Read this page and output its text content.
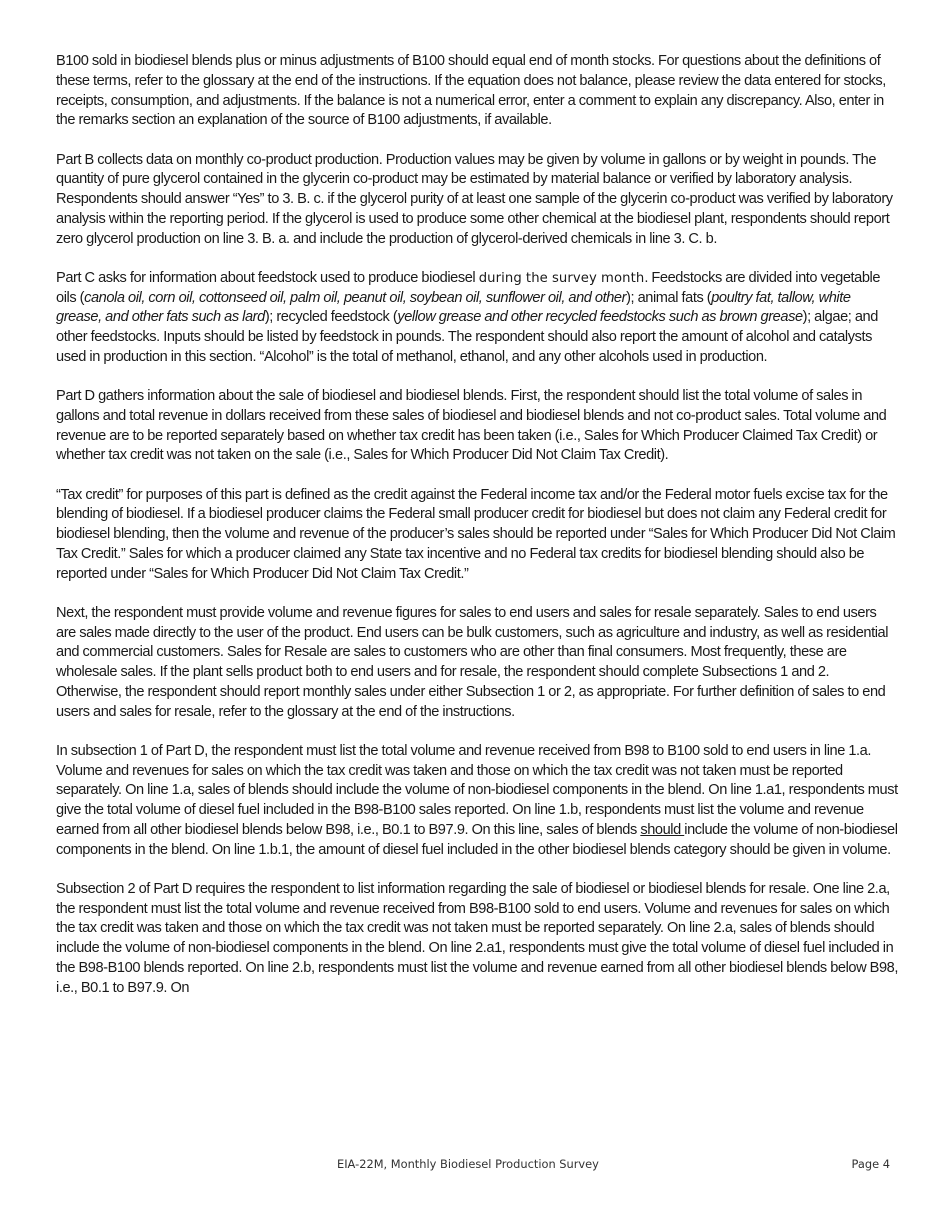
B100 sold in biodiesel blends plus or minus adjustments of B100 should equal end of month stocks. For questions about the definitions of these terms, refer to the glossary at the end of the instructions. If the equation does not balance, please review the data entered for stocks, receipts, consumption, and adjustments. If the balance is not a numerical error, enter a comment to explain any discrepancy. Also, enter in the remarks section an explanation of the source of B100 adjustments, if available.

Part B collects data on monthly co-product production. Production values may be given by volume in gallons or by weight in pounds. The quantity of pure glycerol contained in the glycerin co-product may be estimated by material balance or verified by laboratory analysis. Respondents should answer “Yes” to 3. B. c. if the glycerol purity of at least one sample of the glycerin co-product was verified by laboratory analysis within the reporting period. If the glycerol is used to produce some other chemical at the biodiesel plant, respondents should report zero glycerol production on line 3. B. a. and include the production of glycerol-derived chemicals in line 3. C. b.

Part C asks for information about feedstock used to produce biodiesel during the survey month. Feedstocks are divided into vegetable oils (canola oil, corn oil, cottonseed oil, palm oil, peanut oil, soybean oil, sunflower oil, and other); animal fats (poultry fat, tallow, white grease, and other fats such as lard); recycled feedstock (yellow grease and other recycled feedstocks such as brown grease); algae; and other feedstocks. Inputs should be listed by feedstock in pounds. The respondent should also report the amount of alcohol and catalysts used in production in this section. “Alcohol” is the total of methanol, ethanol, and any other alcohols used in production.

Part D gathers information about the sale of biodiesel and biodiesel blends. First, the respondent should list the total volume of sales in gallons and total revenue in dollars received from these sales of biodiesel and biodiesel blends and not co-product sales. Total volume and revenue are to be reported separately based on whether tax credit has been taken (i.e., Sales for Which Producer Claimed Tax Credit) or whether tax credit was not taken on the sale (i.e., Sales for Which Producer Did Not Claim Tax Credit).

“Tax credit” for purposes of this part is defined as the credit against the Federal income tax and/or the Federal motor fuels excise tax for the blending of biodiesel. If a biodiesel producer claims the Federal small producer credit for biodiesel but does not claim any Federal credit for biodiesel blending, then the volume and revenue of the producer’s sales should be reported under “Sales for Which Producer Did Not Claim Tax Credit.” Sales for which a producer claimed any State tax incentive and no Federal tax credits for biodiesel blending should also be reported under “Sales for Which Producer Did Not Claim Tax Credit.”

Next, the respondent must provide volume and revenue figures for sales to end users and sales for resale separately. Sales to end users are sales made directly to the user of the product. End users can be bulk customers, such as agriculture and industry, as well as residential and commercial customers. Sales for Resale are sales to customers who are other than final consumers. Most frequently, these are wholesale sales. If the plant sells product both to end users and for resale, the respondent should complete Subsections 1 and 2. Otherwise, the respondent should report monthly sales under either Subsection 1 or 2, as appropriate. For further definition of sales to end users and sales for resale, refer to the glossary at the end of the instructions.

In subsection 1 of Part D, the respondent must list the total volume and revenue received from B98 to B100 sold to end users in line 1.a. Volume and revenues for sales on which the tax credit was taken and those on which the tax credit was not taken must be reported separately. On line 1.a, sales of blends should include the volume of non-biodiesel components in the blend. On line 1.a1, respondents must give the total volume of diesel fuel included in the B98-B100 sales reported. On line 1.b, respondents must list the volume and revenue earned from all other biodiesel blends below B98, i.e., B0.1 to B97.9. On this line, sales of blends should include the volume of non-biodiesel components in the blend. On line 1.b.1, the amount of diesel fuel included in the other biodiesel blends category should be given in volume.

Subsection 2 of Part D requires the respondent to list information regarding the sale of biodiesel or biodiesel blends for resale. One line 2.a, the respondent must list the total volume and revenue received from B98-B100 sold to end users. Volume and revenues for sales on which the tax credit was taken and those on which the tax credit was not taken must be reported separately. On line 2.a, sales of blends should include the volume of non-biodiesel components in the blend. On line 2.a1, respondents must give the total volume of diesel fuel included in the B98-B100 blends reported. On line 2.b, respondents must list the volume and revenue earned from all other biodiesel blends below B98, i.e., B0.1 to B97.9. On

EIA-22M, Monthly Biodiesel Production Survey	Page 4
